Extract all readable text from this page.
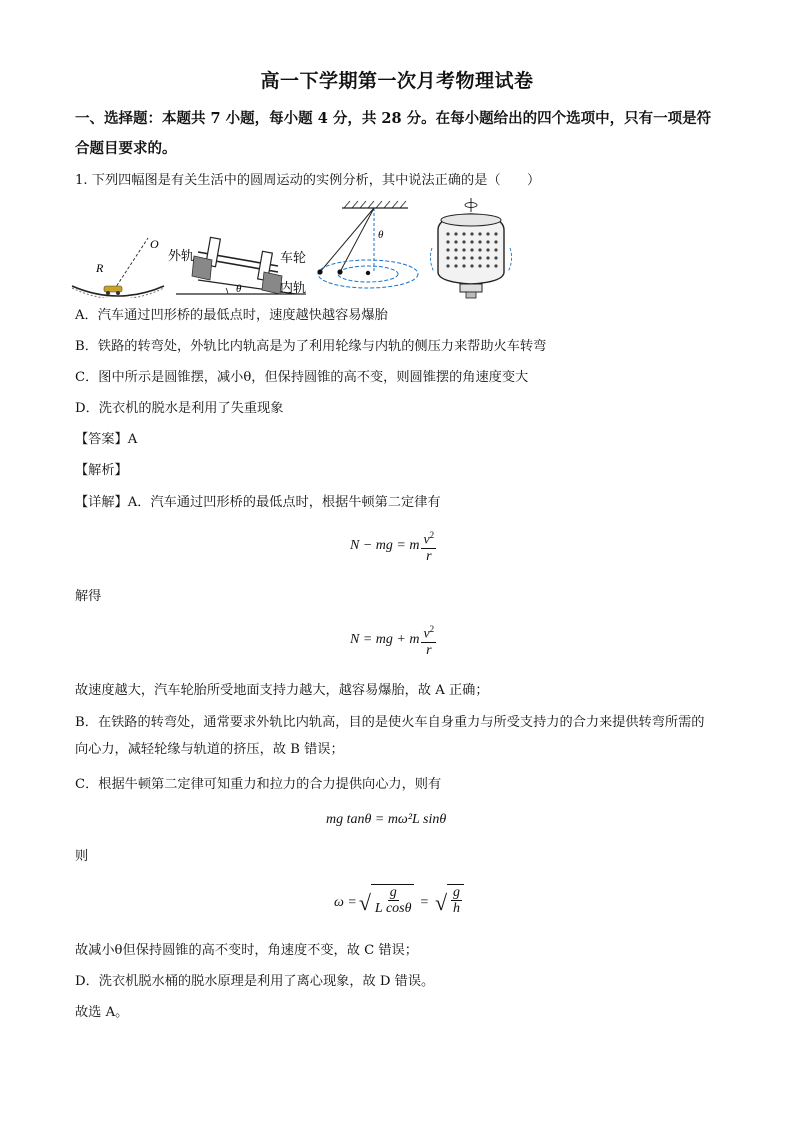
高一下学期第一次月考物理试卷
一、选择题：本题共 7 小题，每小题 4 分，共 28 分。在每小题给出的四个选项中，只有一项是符合题目要求的。
1. 下列四幅图是有关生活中的圆周运动的实例分析，其中说法正确的是（　　）
O
R
外轨	车轮
内轨
θ
θ
A．汽车通过凹形桥的最低点时，速度越快越容易爆胎
B．铁路的转弯处，外轨比内轨高是为了利用轮缘与内轨的侧压力来帮助火车转弯
C．图中所示是圆锥摆，减小θ，但保持圆锥的高不变，则圆锥摆的角速度变大
D．洗衣机的脱水是利用了失重现象
【答案】A
【解析】
【详解】A．汽车通过凹形桥的最低点时，根据牛顿第二定律有
N − mg = m $\frac{v^2}{r}$
解得
N = mg + m $\frac{v^2}{r}$
故速度越大，汽车轮胎所受地面支持力越大，越容易爆胎，故 A 正确；
B．在铁路的转弯处，通常要求外轨比内轨高，目的是使火车自身重力与所受支持力的合力来提供转弯所需的向心力，减轻轮缘与轨道的挤压，故 B 错误；
C．根据牛顿第二定律可知重力和拉力的合力提供向心力，则有
mg tanθ = mω²L sinθ
则
ω = √ $\frac{g}{\text{L cosθ}}$ = √ $\frac{g}{h}$
故减小θ但保持圆锥的高不变时，角速度不变，故 C 错误；
D．洗衣机脱水桶的脱水原理是利用了离心现象，故 D 错误。
故选 A。
